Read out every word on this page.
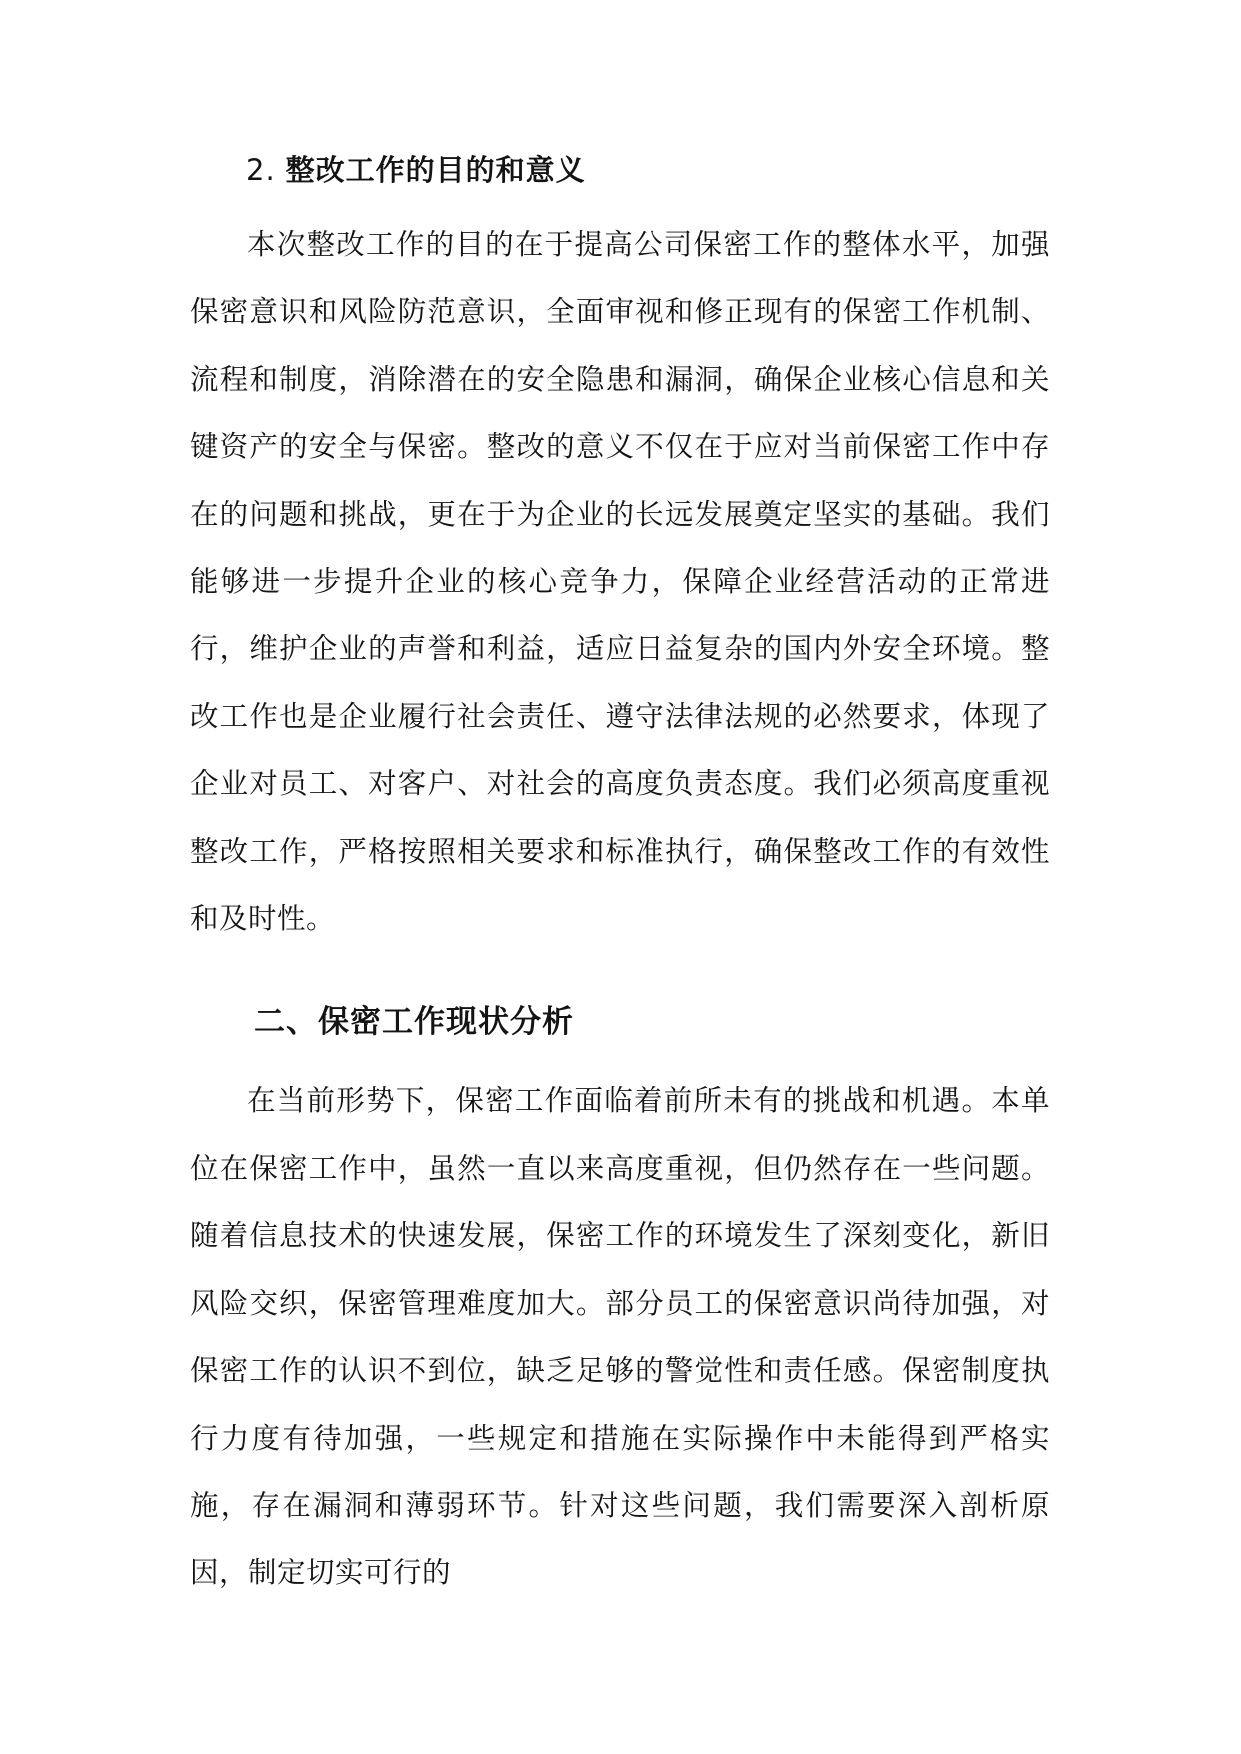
2. 整改工作的目的和意义

本次整改工作的目的在于提高公司保密工作的整体水平，加强保密意识和风险防范意识，全面审视和修正现有的保密工作机制、流程和制度，消除潜在的安全隐患和漏洞，确保企业核心信息和关键资产的安全与保密。整改的意义不仅在于应对当前保密工作中存在的问题和挑战，更在于为企业的长远发展奠定坚实的基础。我们能够进一步提升企业的核心竞争力，保障企业经营活动的正常进行，维护企业的声誉和利益，适应日益复杂的国内外安全环境。整改工作也是企业履行社会责任、遵守法律法规的必然要求，体现了企业对员工、对客户、对社会的高度负责态度。我们必须高度重视整改工作，严格按照相关要求和标准执行，确保整改工作的有效性和及时性。

二、保密工作现状分析

在当前形势下，保密工作面临着前所未有的挑战和机遇。本单位在保密工作中，虽然一直以来高度重视，但仍然存在一些问题。随着信息技术的快速发展，保密工作的环境发生了深刻变化，新旧风险交织，保密管理难度加大。部分员工的保密意识尚待加强，对保密工作的认识不到位，缺乏足够的警觉性和责任感。保密制度执行力度有待加强，一些规定和措施在实际操作中未能得到严格实施，存在漏洞和薄弱环节。针对这些问题，我们需要深入剖析原因，制定切实可行的
